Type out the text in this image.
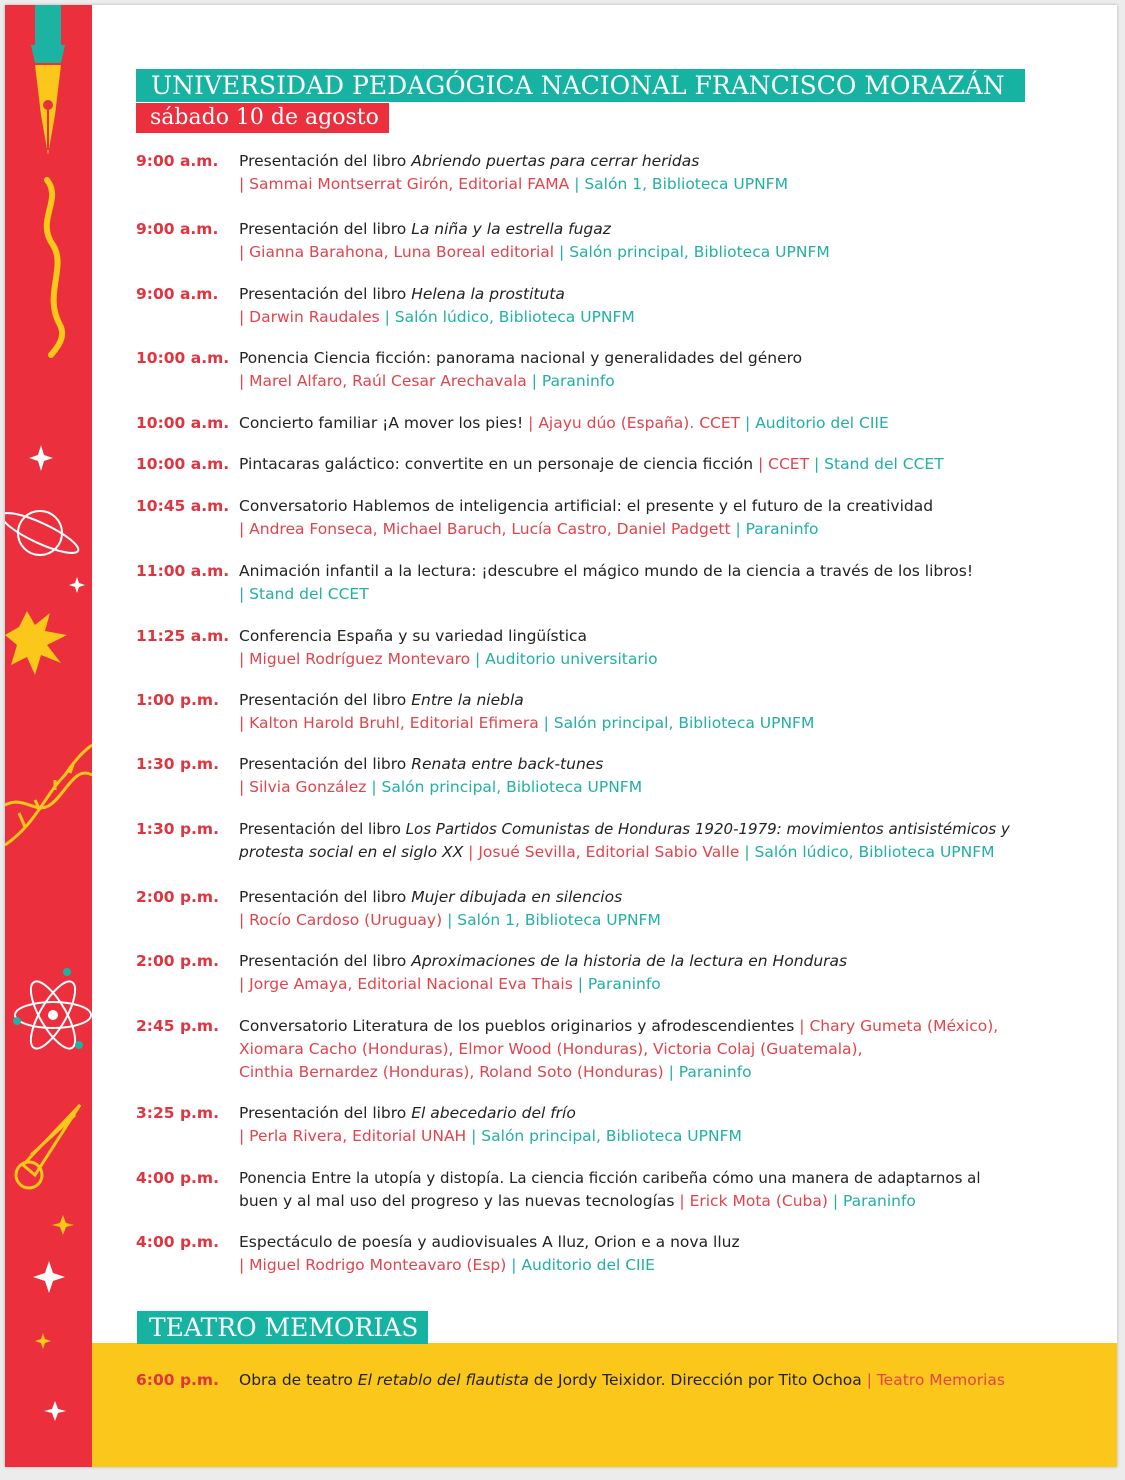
UNIVERSIDAD PEDAGÓGICA NACIONAL FRANCISCO MORAZÁN
sábado 10 de agosto
9:00 a.m.	Presentación del libro Abriendo puertas para cerrar heridas
| Sammai Montserrat Girón, Editorial FAMA | Salón 1, Biblioteca UPNFM
9:00 a.m.	Presentación del libro La niña y la estrella fugaz
| Gianna Barahona, Luna Boreal editorial | Salón principal, Biblioteca UPNFM
9:00 a.m.	Presentación del libro Helena la prostituta
| Darwin Raudales | Salón lúdico, Biblioteca UPNFM
10:00 a.m. Ponencia Ciencia ficción: panorama nacional y generalidades del género
| Marel Alfaro, Raúl Cesar Arechavala | Paraninfo
10:00 a.m. Concierto familiar ¡A mover los pies! | Ajayu dúo (España). CCET | Auditorio del CIIE
10:00 a.m. Pintacaras galáctico: convertite en un personaje de ciencia ficción | CCET | Stand del CCET
10:45 a.m. Conversatorio Hablemos de inteligencia artificial: el presente y el futuro de la creatividad
| Andrea Fonseca, Michael Baruch, Lucía Castro, Daniel Padgett | Paraninfo
11:00 a.m. Animación infantil a la lectura: ¡descubre el mágico mundo de la ciencia a través de los libros!
| Stand del CCET
11:25 a.m. Conferencia España y su variedad lingüística
| Miguel Rodríguez Montevaro | Auditorio universitario
1:00 p.m.	Presentación del libro Entre la niebla
| Kalton Harold Bruhl, Editorial Efimera | Salón principal, Biblioteca UPNFM
1:30 p.m.	Presentación del libro Renata entre back-tunes
| Silvia González | Salón principal, Biblioteca UPNFM
1:30 p.m.	Presentación del libro Los Partidos Comunistas de Honduras 1920-1979: movimientos antisistémicos y
protesta social en el siglo XX | Josué Sevilla, Editorial Sabio Valle | Salón lúdico, Biblioteca UPNFM
2:00 p.m.	Presentación del libro Mujer dibujada en silencios
| Rocío Cardoso (Uruguay) | Salón 1, Biblioteca UPNFM
2:00 p.m.	Presentación del libro Aproximaciones de la historia de la lectura en Honduras
| Jorge Amaya, Editorial Nacional Eva Thais | Paraninfo
2:45 p.m.	Conversatorio Literatura de los pueblos originarios y afrodescendientes | Chary Gumeta (México),
Xiomara Cacho (Honduras), Elmor Wood (Honduras), Victoria Colaj (Guatemala),
Cinthia Bernardez (Honduras), Roland Soto (Honduras) | Paraninfo
3:25 p.m.	Presentación del libro El abecedario del frío
| Perla Rivera, Editorial UNAH | Salón principal, Biblioteca UPNFM
4:00 p.m.	Ponencia Entre la utopía y distopía. La ciencia ficción caribeña cómo una manera de adaptarnos al
buen y al mal uso del progreso y las nuevas tecnologías | Erick Mota (Cuba) | Paraninfo
4:00 p.m.	Espectáculo de poesía y audiovisuales A lluz, Orion e a nova lluz
| Miguel Rodrigo Monteavaro (Esp) | Auditorio del CIIE
TEATRO MEMORIAS
6:00 p.m.	Obra de teatro El retablo del flautista de Jordy Teixidor. Dirección por Tito Ochoa | Teatro Memorias
